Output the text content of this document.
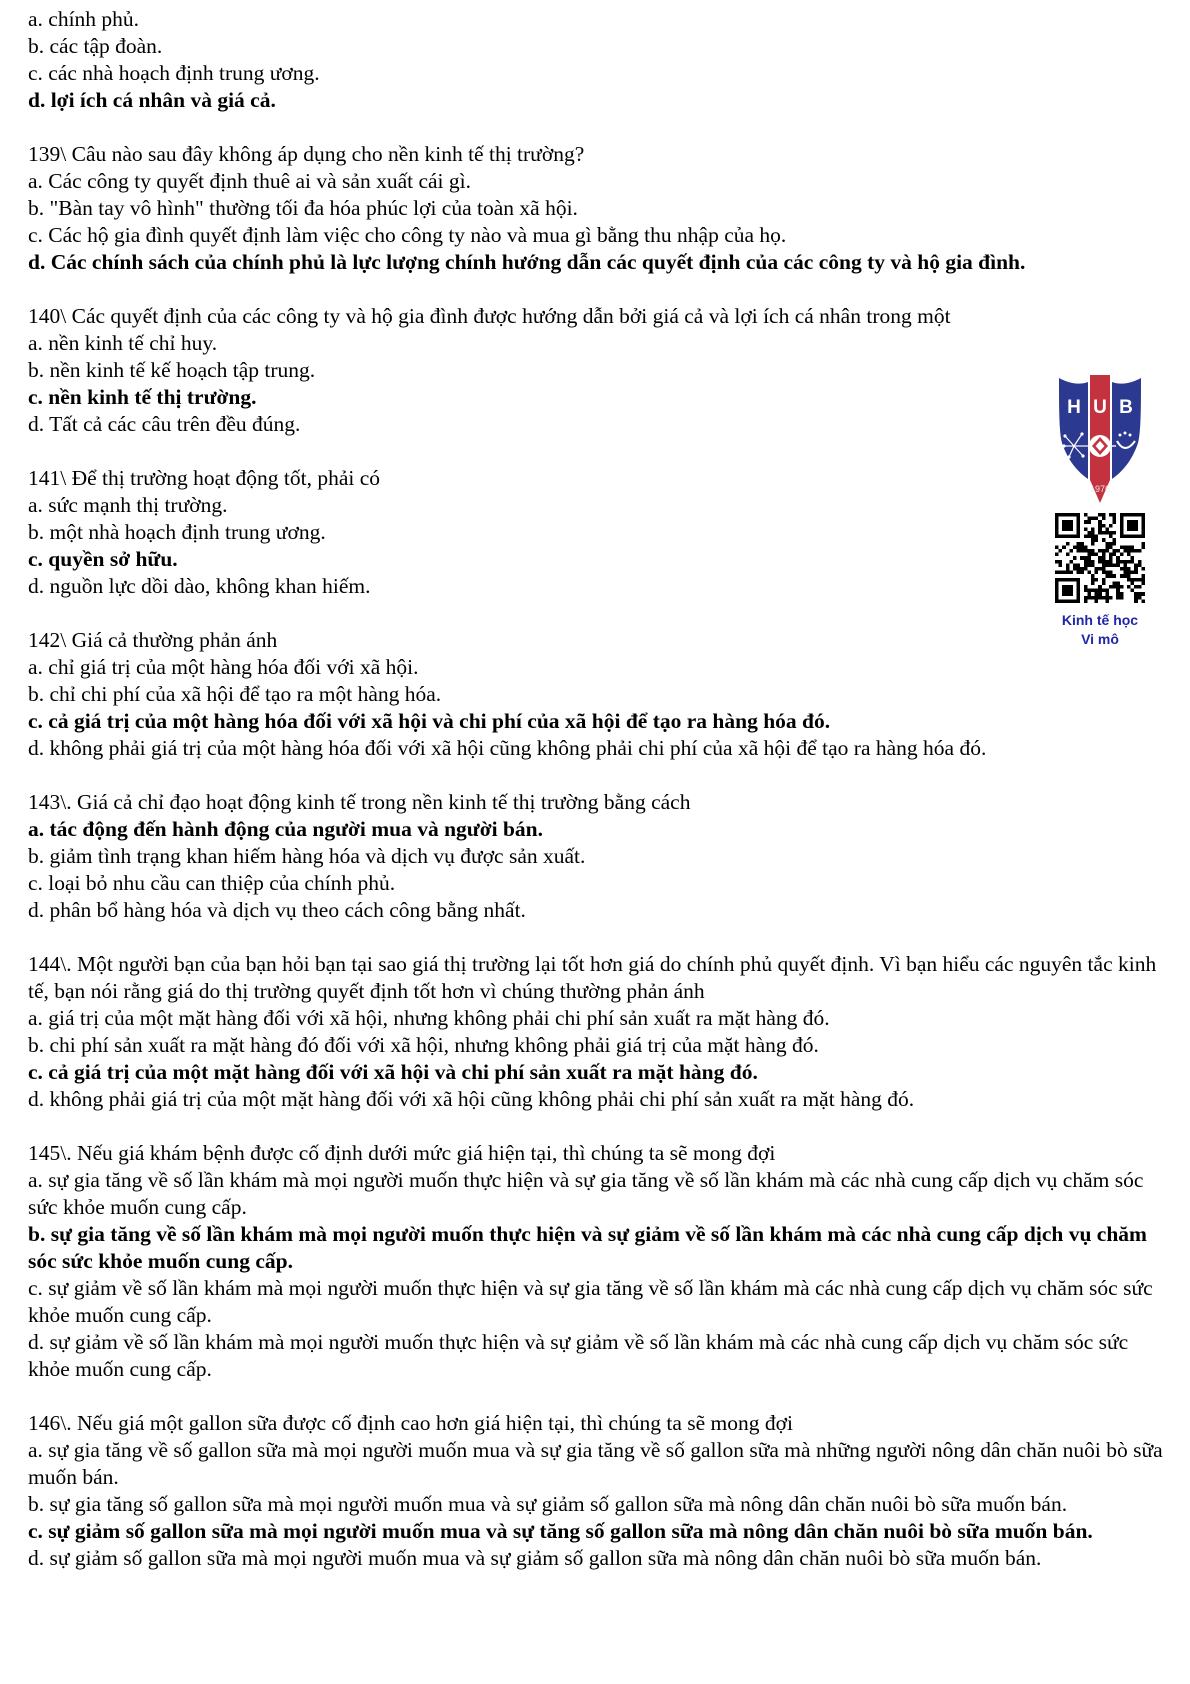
a. chính phủ.
b. các tập đoàn.
c. các nhà hoạch định trung ương.
d. lợi ích cá nhân và giá cả.
139\ Câu nào sau đây không áp dụng cho nền kinh tế thị trường?
a. Các công ty quyết định thuê ai và sản xuất cái gì.
b. "Bàn tay vô hình" thường tối đa hóa phúc lợi của toàn xã hội.
c. Các hộ gia đình quyết định làm việc cho công ty nào và mua gì bằng thu nhập của họ.
d. Các chính sách của chính phủ là lực lượng chính hướng dẫn các quyết định của các công ty và hộ gia đình.
140\ Các quyết định của các công ty và hộ gia đình được hướng dẫn bởi giá cả và lợi ích cá nhân trong một
a. nền kinh tế chỉ huy.
b. nền kinh tế kế hoạch tập trung.
c. nền kinh tế thị trường.
d. Tất cả các câu trên đều đúng.
141\ Để thị trường hoạt động tốt, phải có
a. sức mạnh thị trường.
b. một nhà hoạch định trung ương.
c. quyền sở hữu.
d. nguồn lực dồi dào, không khan hiếm.
142\ Giá cả thường phản ánh
a. chỉ giá trị của một hàng hóa đối với xã hội.
b. chỉ chi phí của xã hội để tạo ra một hàng hóa.
c. cả giá trị của một hàng hóa đối với xã hội và chi phí của xã hội để tạo ra hàng hóa đó.
d. không phải giá trị của một hàng hóa đối với xã hội cũng không phải chi phí của xã hội để tạo ra hàng hóa đó.
143\. Giá cả chỉ đạo hoạt động kinh tế trong nền kinh tế thị trường bằng cách
a. tác động đến hành động của người mua và người bán.
b. giảm tình trạng khan hiếm hàng hóa và dịch vụ được sản xuất.
c. loại bỏ nhu cầu can thiệp của chính phủ.
d. phân bổ hàng hóa và dịch vụ theo cách công bằng nhất.
144\. Một người bạn của bạn hỏi bạn tại sao giá thị trường lại tốt hơn giá do chính phủ quyết định. Vì bạn hiểu các nguyên tắc kinh tế, bạn nói rằng giá do thị trường quyết định tốt hơn vì chúng thường phản ánh
a. giá trị của một mặt hàng đối với xã hội, nhưng không phải chi phí sản xuất ra mặt hàng đó.
b. chi phí sản xuất ra mặt hàng đó đối với xã hội, nhưng không phải giá trị của mặt hàng đó.
c. cả giá trị của một mặt hàng đối với xã hội và chi phí sản xuất ra mặt hàng đó.
d. không phải giá trị của một mặt hàng đối với xã hội cũng không phải chi phí sản xuất ra mặt hàng đó.
145\. Nếu giá khám bệnh được cố định dưới mức giá hiện tại, thì chúng ta sẽ mong đợi
a. sự gia tăng về số lần khám mà mọi người muốn thực hiện và sự gia tăng về số lần khám mà các nhà cung cấp dịch vụ chăm sóc sức khỏe muốn cung cấp.
b. sự gia tăng về số lần khám mà mọi người muốn thực hiện và sự giảm về số lần khám mà các nhà cung cấp dịch vụ chăm sóc sức khỏe muốn cung cấp.
c. sự giảm về số lần khám mà mọi người muốn thực hiện và sự gia tăng về số lần khám mà các nhà cung cấp dịch vụ chăm sóc sức khỏe muốn cung cấp.
d. sự giảm về số lần khám mà mọi người muốn thực hiện và sự giảm về số lần khám mà các nhà cung cấp dịch vụ chăm sóc sức khỏe muốn cung cấp.
146\. Nếu giá một gallon sữa được cố định cao hơn giá hiện tại, thì chúng ta sẽ mong đợi
a. sự gia tăng về số gallon sữa mà mọi người muốn mua và sự gia tăng về số gallon sữa mà những người nông dân chăn nuôi bò sữa muốn bán.
b. sự gia tăng số gallon sữa mà mọi người muốn mua và sự giảm số gallon sữa mà nông dân chăn nuôi bò sữa muốn bán.
c. sự giảm số gallon sữa mà mọi người muốn mua và sự tăng số gallon sữa mà nông dân chăn nuôi bò sữa muốn bán.
d. sự giảm số gallon sữa mà mọi người muốn mua và sự giảm số gallon sữa mà nông dân chăn nuôi bò sữa muốn bán.
H U B
1976
Kinh tế học
Vi mô
